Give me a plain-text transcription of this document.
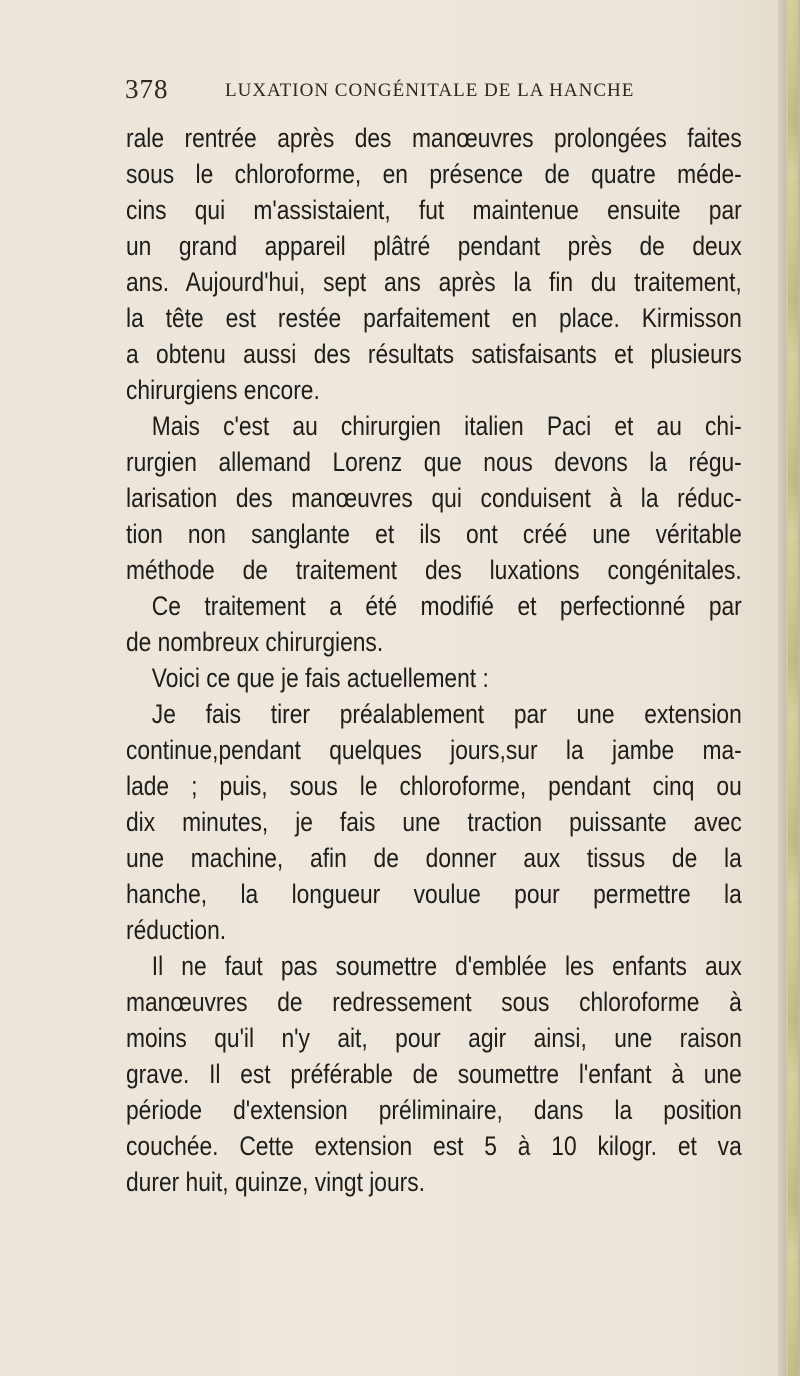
378	LUXATION CONGÉNITALE DE LA HANCHE
rale rentrée après des manœuvres prolongées faites
sous le chloroforme, en présence de quatre méde-
cins qui m'assistaient, fut maintenue ensuite par
un grand appareil plâtré pendant près de deux
ans. Aujourd'hui, sept ans après la fin du traitement,
la tête est restée parfaitement en place. Kirmisson
a obtenu aussi des résultats satisfaisants et plusieurs
chirurgiens encore.
Mais c'est au chirurgien italien Paci et au chi-
rurgien allemand Lorenz que nous devons la régu-
larisation des manœuvres qui conduisent à la réduc-
tion non sanglante et ils ont créé une véritable
méthode de traitement des luxations congénitales.
Ce traitement a été modifié et perfectionné par
de nombreux chirurgiens.
Voici ce que je fais actuellement :
Je fais tirer préalablement par une extension
continue,pendant quelques jours,sur la jambe ma-
lade ; puis, sous le chloroforme, pendant cinq ou
dix minutes, je fais une traction puissante avec
une machine, afin de donner aux tissus de la
hanche, la longueur voulue pour permettre la
réduction.
Il ne faut pas soumettre d'emblée les enfants aux
manœuvres de redressement sous chloroforme à
moins qu'il n'y ait, pour agir ainsi, une raison
grave. Il est préférable de soumettre l'enfant à une
période d'extension préliminaire, dans la position
couchée. Cette extension est 5 à 10 kilogr. et va
durer huit, quinze, vingt jours.
